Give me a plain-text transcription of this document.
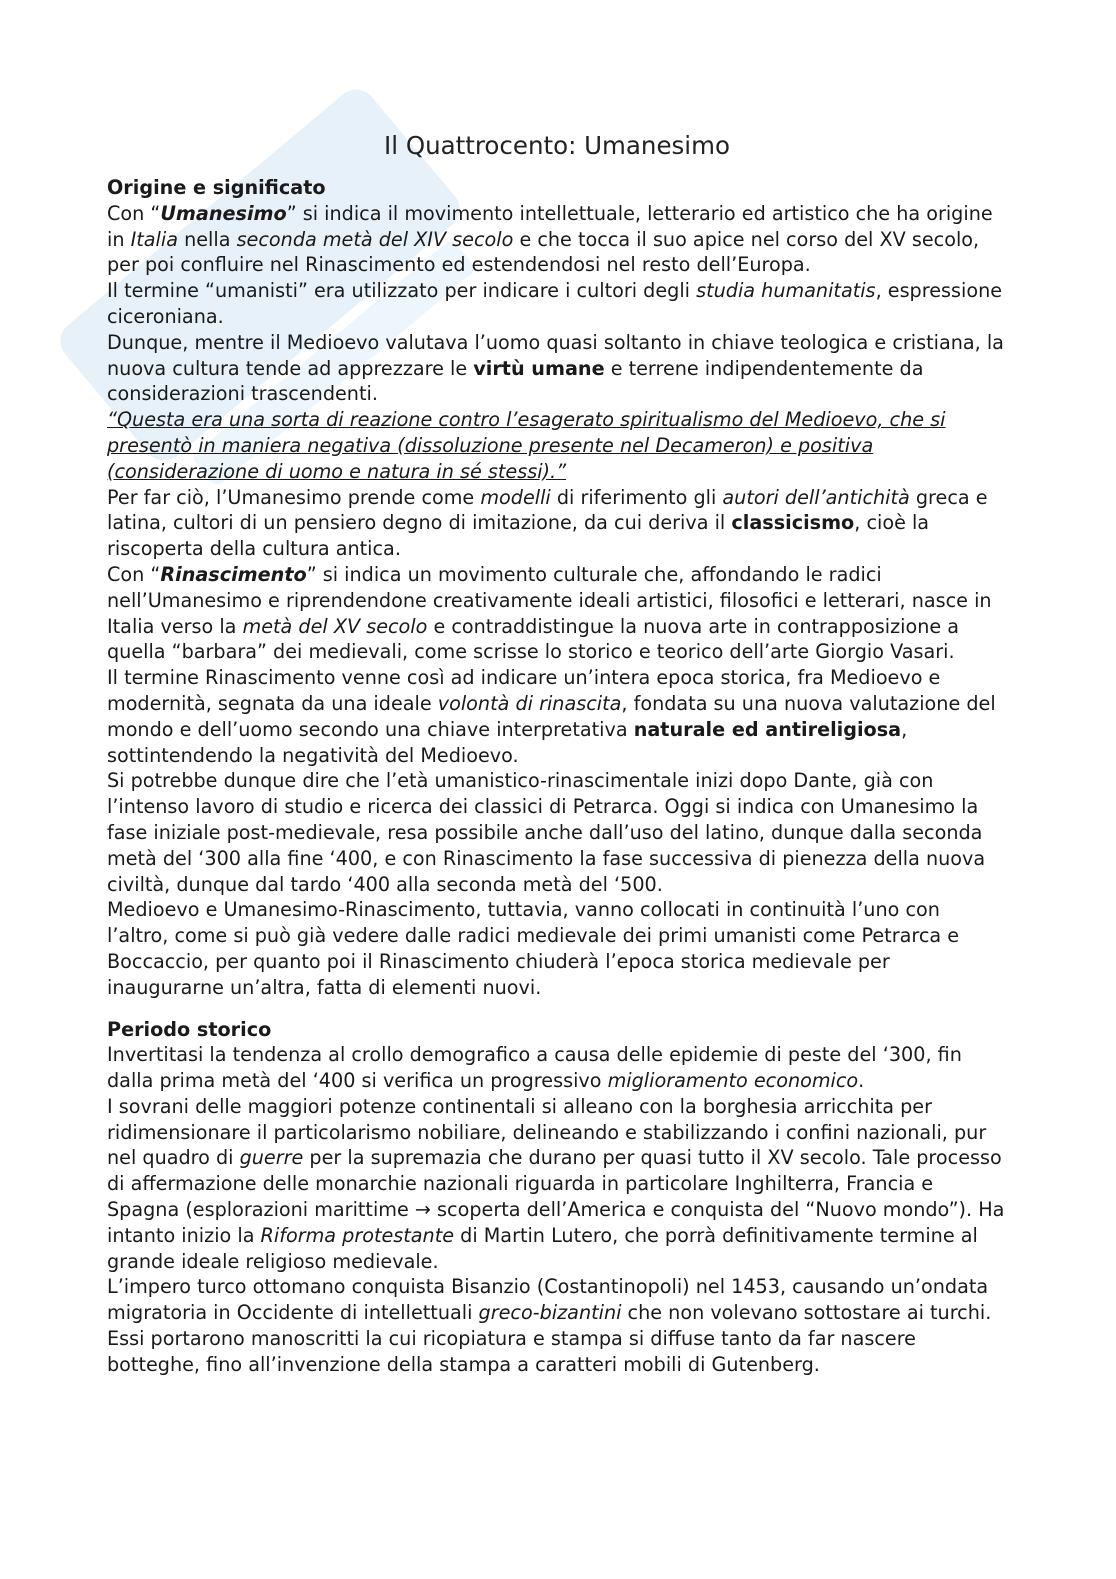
Il Quattrocento: Umanesimo
Origine e significato

Con “Umanesimo” si indica il movimento intellettuale, letterario ed artistico che ha origine in Italia nella seconda metà del XIV secolo e che tocca il suo apice nel corso del XV secolo, per poi confluire nel Rinascimento ed estendendosi nel resto dell’Europa.

Il termine “umanisti” era utilizzato per indicare i cultori degli studia humanitatis, espressione ciceroniana.

Dunque, mentre il Medioevo valutava l’uomo quasi soltanto in chiave teologica e cristiana, la nuova cultura tende ad apprezzare le virtù umane e terrene indipendentemente da considerazioni trascendenti.

“Questa era una sorta di reazione contro l’esagerato spiritualismo del Medioevo, che si presentò in maniera negativa (dissoluzione presente nel Decameron) e positiva (considerazione di uomo e natura in sé stessi).”

Per far ciò, l’Umanesimo prende come modelli di riferimento gli autori dell’antichità greca e latina, cultori di un pensiero degno di imitazione, da cui deriva il classicismo, cioè la riscoperta della cultura antica.

Con “Rinascimento” si indica un movimento culturale che, affondando le radici nell’Umanesimo e riprendendone creativamente ideali artistici, filosofici e letterari, nasce in Italia verso la metà del XV secolo e contraddistingue la nuova arte in contrapposizione a quella “barbara” dei medievali, come scrisse lo storico e teorico dell’arte Giorgio Vasari.

Il termine Rinascimento venne così ad indicare un’intera epoca storica, fra Medioevo e modernità, segnata da una ideale volontà di rinascita, fondata su una nuova valutazione del mondo e dell’uomo secondo una chiave interpretativa naturale ed antireligiosa, sottintendendo la negatività del Medioevo.

Si potrebbe dunque dire che l’età umanistico-rinascimentale inizi dopo Dante, già con l’intenso lavoro di studio e ricerca dei classici di Petrarca. Oggi si indica con Umanesimo la fase iniziale post-medievale, resa possibile anche dall’uso del latino, dunque dalla seconda metà del ‘300 alla fine ‘400, e con Rinascimento la fase successiva di pienezza della nuova civiltà, dunque dal tardo ‘400 alla seconda metà del ‘500.

Medioevo e Umanesimo-Rinascimento, tuttavia, vanno collocati in continuità l’uno con l’altro, come si può già vedere dalle radici medievale dei primi umanisti come Petrarca e Boccaccio, per quanto poi il Rinascimento chiuderà l’epoca storica medievale per inaugurarne un’altra, fatta di elementi nuovi.

Periodo storico

Invertitasi la tendenza al crollo demografico a causa delle epidemie di peste del ‘300, fin dalla prima metà del ‘400 si verifica un progressivo miglioramento economico.

I sovrani delle maggiori potenze continentali si alleano con la borghesia arricchita per ridimensionare il particolarismo nobiliare, delineando e stabilizzando i confini nazionali, pur nel quadro di guerre per la supremazia che durano per quasi tutto il XV secolo. Tale processo di affermazione delle monarchie nazionali riguarda in particolare Inghilterra, Francia e Spagna (esplorazioni marittime → scoperta dell’America e conquista del “Nuovo mondo”). Ha intanto inizio la Riforma protestante di Martin Lutero, che porrà definitivamente termine al grande ideale religioso medievale.

L’impero turco ottomano conquista Bisanzio (Costantinopoli) nel 1453, causando un’ondata migratoria in Occidente di intellettuali greco-bizantini che non volevano sottostare ai turchi. Essi portarono manoscritti la cui ricopiatura e stampa si diffuse tanto da far nascere botteghe, fino all’invenzione della stampa a caratteri mobili di Gutenberg.
